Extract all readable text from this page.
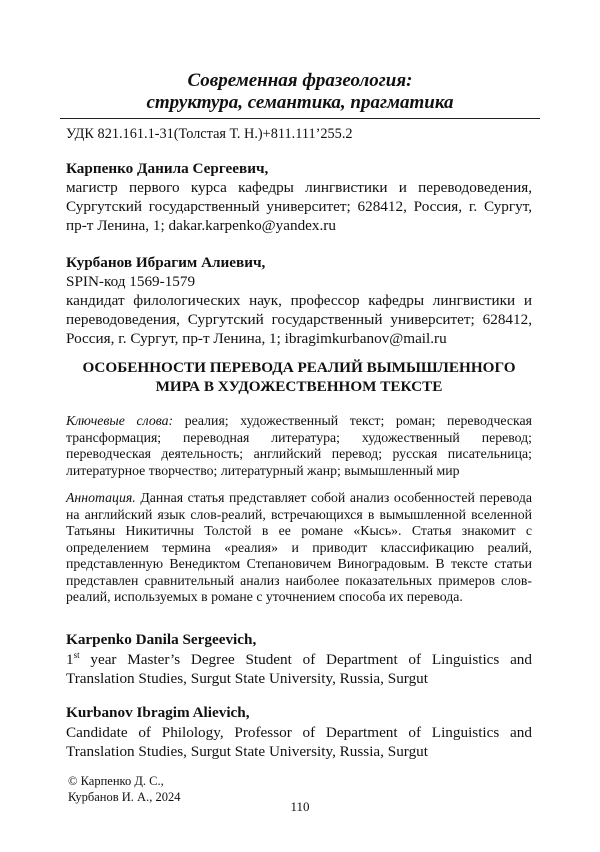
Современная фразеология:
структура, семантика, прагматика
УДК 821.161.1-31(Толстая Т. Н.)+811.111’255.2
Карпенко Данила Сергеевич,
магистр первого курса кафедры лингвистики и переводоведения, Сургутский государственный университет; 628412, Россия, г. Сургут, пр-т Ленина, 1; dakar.karpenko@yandex.ru
Курбанов Ибрагим Алиевич,
SPIN-код 1569-1579
кандидат филологических наук, профессор кафедры лингвистики и переводоведения, Сургутский государственный университет; 628412, Россия, г. Сургут, пр-т Ленина, 1; ibragimkurbanov@mail.ru
ОСОБЕННОСТИ ПЕРЕВОДА РЕАЛИЙ ВЫМЫШЛЕННОГО
МИРА В ХУДОЖЕСТВЕННОМ ТЕКСТЕ
Ключевые слова: реалия; художественный текст; роман; переводческая трансформация; переводная литература; художественный перевод; переводческая деятельность; английский перевод; русская писательница; литературное творчество; литературный жанр; вымышленный мир
Аннотация. Данная статья представляет собой анализ особенностей перевода на английский язык слов-реалий, встречающихся в вымышленной вселенной Татьяны Никитичны Толстой в ее романе «Кысь». Статья знакомит с определением термина «реалия» и приводит классификацию реалий, представленную Венедиктом Степановичем Виноградовым. В тексте статьи представлен сравнительный анализ наиболее показательных примеров слов-реалий, используемых в романе с уточнением способа их перевода.
Karpenko Danila Sergeevich,
1st year Master’s Degree Student of Department of Linguistics and Translation Studies, Surgut State University, Russia, Surgut
Kurbanov Ibragim Alievich,
Candidate of Philology, Professor of Department of Linguistics and Translation Studies, Surgut State University, Russia, Surgut
© Карпенко Д. С.,
Курбанов И. А., 2024
110
